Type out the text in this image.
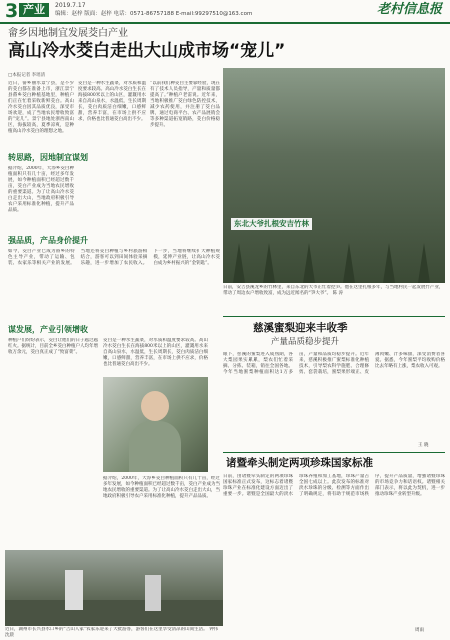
3 产业	2019.7.17
编辑：赵梓 版面：赵梓 电话：0571-86757188 E-mail:99297510@163.com	老村信息报
畲乡因地制宜发展茭白产业
高山冷水茭白走出大山成市场“宠儿”
□本报记者 李瑶清
近日，畲乡丽水景宁县，是不少的茭白都在准备上市，浙江景宁县畲乡茭白种植基地里，种植户们正在忙着采收新鲜茭白。高山冷水茭白因其品质优良，深受市场欢迎，成了当地农民增收致富的“宠儿”。景宁县地处浙西南山区，海拔较高，夏季凉爽，是种植高山冷水茭白的理想之地。
转思路，因地制宜谋划
据介绍，2000年，大漈乡茭白种植面积只有几十亩，经过多年发展，如今种植面积已经超过数千亩，茭白产业成为当地农民增收的重要渠道。为了让高山冷水茭白走出大山，当地政府积极引导农户采用标准化种植，提升产品品质。
茭白是一种水生蔬菜，对水质和温度要求较高。高山冷水茭白生长在海拔800米以上的山区，灌溉用水来自高山泉水，水温低，生长周期长，茭白肉质洁白细嫩，口感鲜甜，营养丰富，在市场上供不应求，价格也比普通茭白高出不少。
“以前我们种茭白主要靠经验，现在有了技术人员指导，产量和质量都提高了。”种植户老雷说。近年来，当地积极推广茭白绿色防控技术，减少农药使用，并注册了茭白品牌，通过电商平台、农产品展销会等多种渠道拓宽销路，茭白价格稳步提升。
强品质，产品身价提升
如今，茭白产业已成为畲乡的特色主导产业，带动了运输、包装、农家乐等相关产业的发展。当地还将茭白种植与乡村旅游相结合，游客可以到田间体验采摘乐趣，进一步增加了农民收入。下一步，当地将继续扩大种植规模，延伸产业链，让高山冷水茭白成为乡村振兴的“金钥匙”。
谋发展，产业引领增收
种植户们纷纷表示，茭白让他们的日子越过越红火。据统计，目前全乡茭白种植户人均年增收万余元，茭白真正成了“致富菜”。
茭白是一种水生蔬菜，对水质和温度要求较高。高山冷水茭白生长在海拔800米以上的山区，灌溉用水来自高山泉水，水温低，生长周期长，茭白肉质洁白细嫩，口感鲜甜，营养丰富，在市场上供不应求，价格也比普通茭白高出不少。
据介绍，2000年，大漈乡茭白种植面积只有几十亩，经过多年发展，如今种植面积已经超过数千亩，茭白产业成为当地农民增收的重要渠道。为了让高山冷水茭白走出大山，当地政府积极引导农户采用标准化种植，提升产品品质。
东北大爷扎根安吉竹林
日前，安吉县溪龙乡的竹林里，来自东北的大爷正忙着挖笋。他在这里扎根多年，与当地村民一起发展竹产业，带动了周边农户增收致富，成为远近闻名的“笋大爷”。 陈 涛
慈溪蜜梨迎来丰收季
产量品质稳步提升
眼下，慈溪的蜜梨进入成熟期，各大梨园果实累累，梨农们忙着采摘、分拣、装箱，销往全国各地。今年当地蜜梨种植面积达1万多亩，产量和品质均稳步提升。近年来，慈溪积极推广蜜梨标准化种植技术，引导梨农科学施肥、合理修剪、套袋栽培，蜜梨果形端正、皮薄肉嫩、汁多味甜，深受消费者喜爱。据悉，今年蜜梨平均收购价格比去年略有上涨，梨农收入可观。
王 晓
诸暨牵头制定两项珍珠国家标准
日前，由诸暨牵头制定的两项珍珠国家标准正式发布，这标志着诸暨珍珠产业在标准化建设方面迈出了重要一步。诸暨是全国最大的淡水珍珠养殖和加工基地，珍珠产量占全国七成以上。此次发布的标准对淡水珍珠的分级、检测等方面作出了明确规定，将有助于规范市场秩序，提升产品质量，增强诸暨珍珠的市场竞争力和话语权。诸暨相关部门表示，将以此为契机，进一步推动珍珠产业转型升级。
周雨
近日，湖州市长兴县水口乡的“吉山人家”农家乐迎来了大批游客，游客们在这里享受清凉的山间生活。 钟伟 沈晨
